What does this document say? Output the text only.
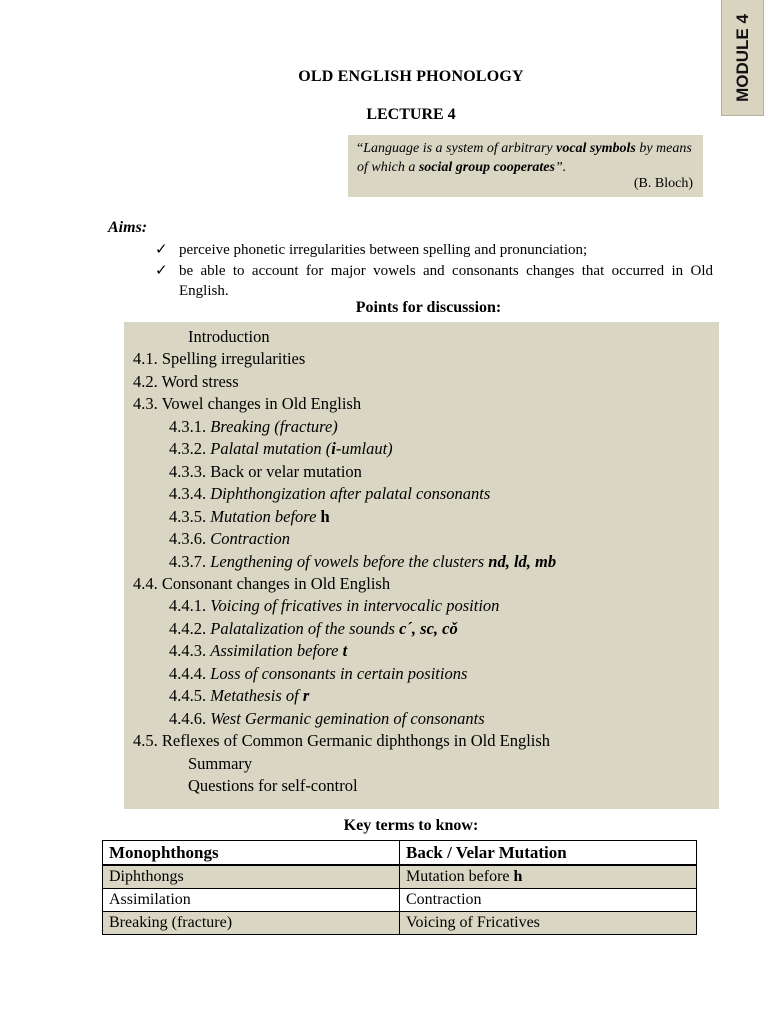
MODULE 4
OLD ENGLISH PHONOLOGY
LECTURE 4
“Language is a system of arbitrary vocal symbols by means of which a social group cooperates”.
(B. Bloch)
Aims:
✓ perceive phonetic irregularities between spelling and pronunciation;
✓ be able to account for major vowels and consonants changes that occurred in Old English.
Points for discussion:
Introduction
4.1. Spelling irregularities
4.2. Word stress
4.3. Vowel changes in Old English
4.3.1. Breaking (fracture)
4.3.2. Palatal mutation (i-umlaut)
4.3.3. Back or velar mutation
4.3.4. Diphthongization after palatal consonants
4.3.5. Mutation before h
4.3.6. Contraction
4.3.7. Lengthening of vowels before the clusters nd, ld, mb
4.4. Consonant changes in Old English
4.4.1. Voicing of fricatives in intervocalic position
4.4.2. Palatalization of the sounds c´, sc, cǒ
4.4.3. Assimilation before t
4.4.4. Loss of consonants in certain positions
4.4.5. Metathesis of r
4.4.6. West Germanic gemination of consonants
4.5. Reflexes of Common Germanic diphthongs in Old English
Summary
Questions for self-control
Key terms to know:
Monophthongs	Back / Velar Mutation
Diphthongs	Mutation before h
Assimilation	Contraction
Breaking (fracture)	Voicing of Fricatives
